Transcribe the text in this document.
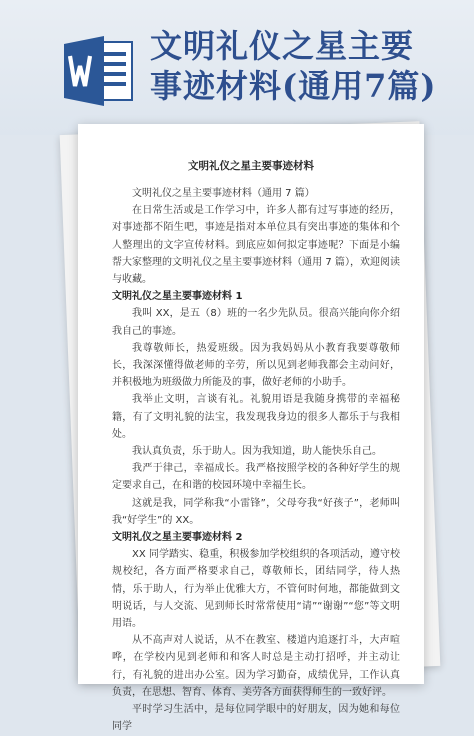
文明礼仪之星主要
事迹材料(通用7篇)
文明礼仪之星主要事迹材料

文明礼仪之星主要事迹材料（通用 7 篇）

在日常生活或是工作学习中，许多人都有过写事迹的经历，对事迹都不陌生吧，事迹是指对本单位具有突出事迹的集体和个人整理出的文字宣传材料。到底应如何拟定事迹呢？下面是小编帮大家整理的文明礼仪之星主要事迹材料（通用 7 篇），欢迎阅读与收藏。

文明礼仪之星主要事迹材料 1

我叫 XX，是五（8）班的一名少先队员。很高兴能向你介绍我自己的事迹。

我尊敬师长，热爱班级。因为我妈妈从小教育我要尊敬师长，我深深懂得做老师的辛劳，所以见到老师我都会主动问好，并积极地为班级做力所能及的事，做好老师的小助手。

我举止文明，言谈有礼。礼貌用语是我随身携带的幸福秘籍，有了文明礼貌的法宝，我发现我身边的很多人都乐于与我相处。

我认真负责，乐于助人。因为我知道，助人能快乐自己。

我严于律己，幸福成长。我严格按照学校的各种好学生的规定要求自己，在和谐的校园环境中幸福生长。

这就是我，同学称我“小雷锋”，父母夸我“好孩子”，老师叫我“好学生”的 XX。

文明礼仪之星主要事迹材料 2

XX 同学踏实、稳重，积极参加学校组织的各项活动，遵守校规校纪，各方面严格要求自己，尊敬师长，团结同学，待人热情，乐于助人，行为举止优雅大方，不管何时何地，都能做到文明说话，与人交流、见到师长时常常使用“请”“谢谢”“您”等文明用语。

从不高声对人说话，从不在教室、楼道内追逐打斗，大声喧哗，在学校内见到老师和和客人时总是主动打招呼，并主动让行，有礼貌的进出办公室。因为学习勤奋，成绩优异，工作认真负责，在思想、智育、体育、美劳各方面获得师生的一致好评。

平时学习生活中，是每位同学眼中的好朋友，因为她和每位同学
